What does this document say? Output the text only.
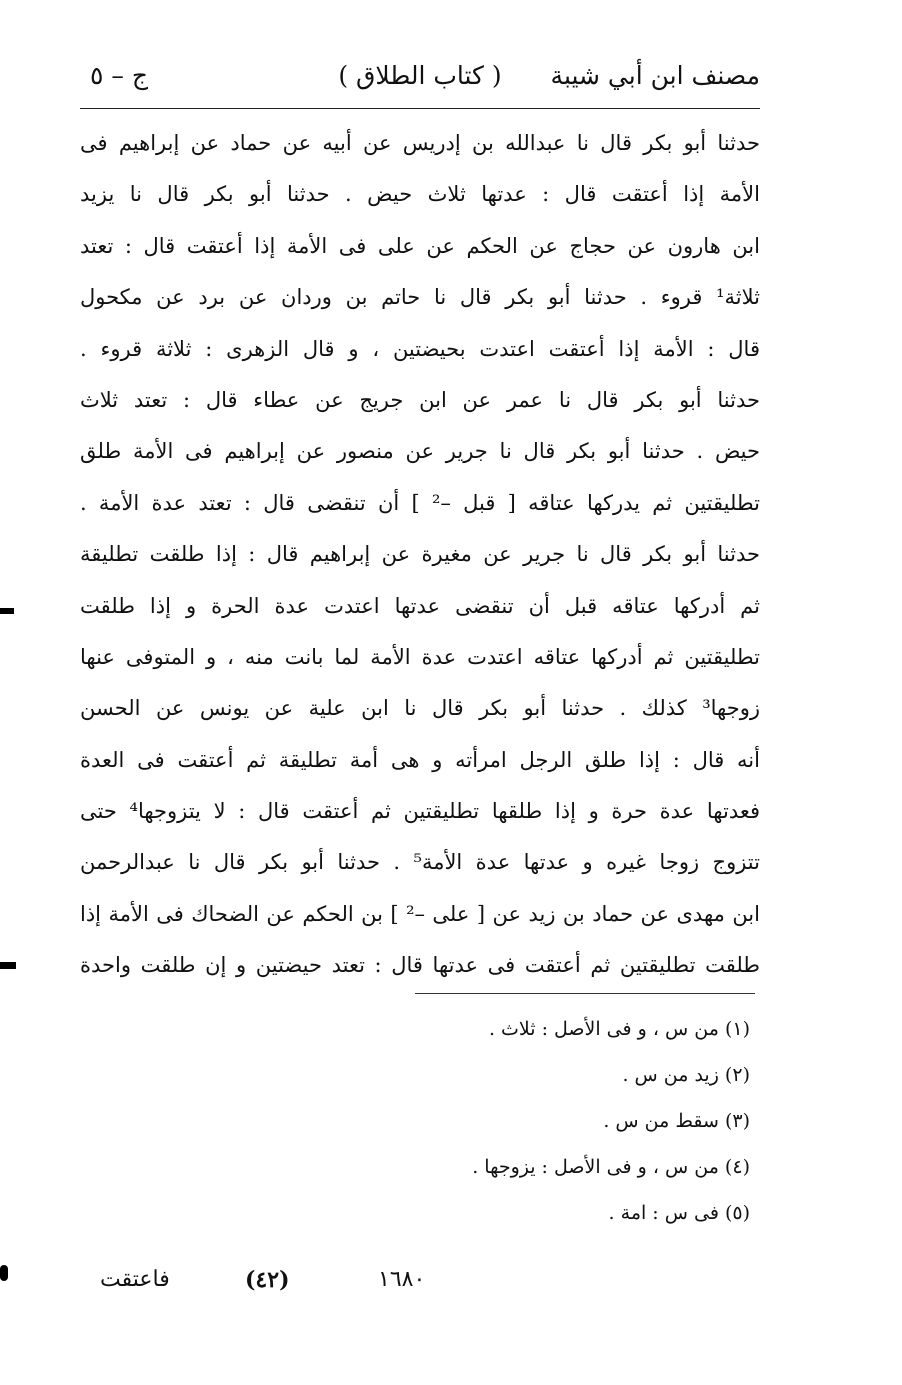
مصنف ابن أبي شيبة
( كتاب الطلاق )
ج – ٥
حدثنا أبو بكر قال نا عبدالله بن إدريس عن أبيه عن حماد عن إبراهيم فى
الأمة إذا أعتقت قال : عدتها ثلاث حيض . حدثنا أبو بكر قال نا يزيد
ابن هارون عن حجاج عن الحكم عن على فى الأمة إذا أعتقت قال : تعتد
ثلاثة¹ قروء . حدثنا أبو بكر قال نا حاتم بن وردان عن برد عن مكحول
قال : الأمة إذا أعتقت اعتدت بحيضتين ، و قال الزهرى : ثلاثة قروء .
حدثنا أبو بكر قال نا عمر عن ابن جريج عن عطاء قال : تعتد ثلاث
حيض . حدثنا أبو بكر قال نا جرير عن منصور عن إبراهيم فى الأمة طلق
تطليقتين ثم يدركها عتاقه [ قبل –² ] أن تنقضى قال : تعتد عدة الأمة .
حدثنا أبو بكر قال نا جرير عن مغيرة عن إبراهيم قال : إذا طلقت تطليقة
ثم أدركها عتاقه قبل أن تنقضى عدتها اعتدت عدة الحرة و إذا طلقت
تطليقتين ثم أدركها عتاقه اعتدت عدة الأمة لما بانت منه ، و المتوفى عنها
زوجها³ كذلك . حدثنا أبو بكر قال نا ابن علية عن يونس عن الحسن
أنه قال : إذا طلق الرجل امرأته و هى أمة تطليقة ثم أعتقت فى العدة
فعدتها عدة حرة و إذا طلقها تطليقتين ثم أعتقت قال : لا يتزوجها⁴ حتى
تتزوج زوجا غيره و عدتها عدة الأمة⁵ . حدثنا أبو بكر قال نا عبدالرحمن
ابن مهدى عن حماد بن زيد عن [ على –² ] بن الحكم عن الضحاك فى الأمة إذا
طلقت تطليقتين ثم أعتقت فى عدتها قال : تعتد حيضتين و إن طلقت واحدة
(١) من س ، و فى الأصل : ثلاث .
(٢) زيد من س .
(٣) سقط من س .
(٤) من س ، و فى الأصل : يزوجها .
(٥) فى س : امة .
فاعتقت	(٤٢)	١٦٨٠
